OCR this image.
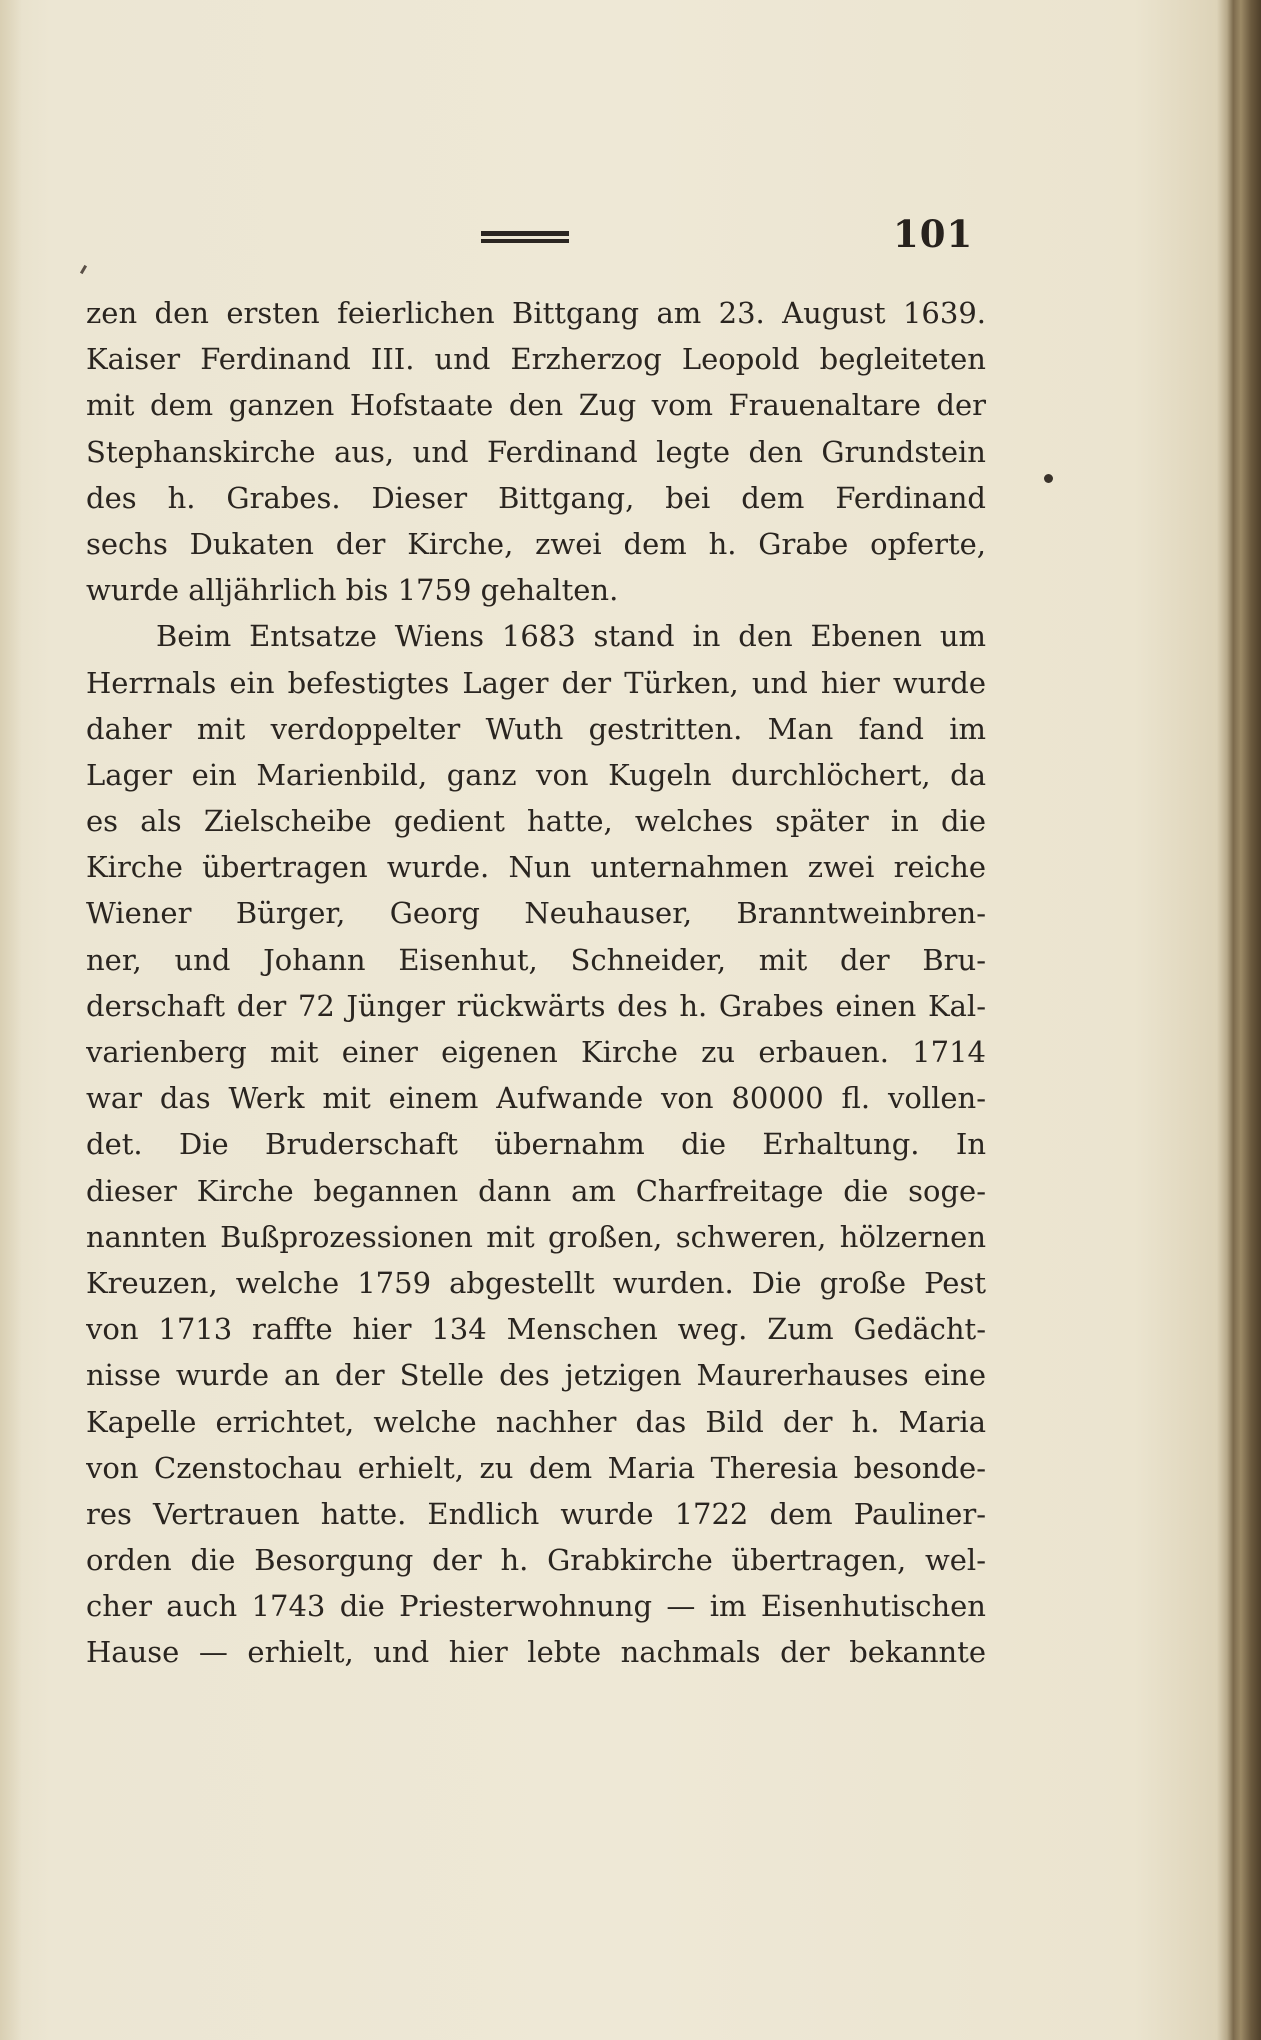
101
zen den ersten feierlichen Bittgang am 23. August 1639.
Kaiser Ferdinand III. und Erzherzog Leopold begleiteten
mit dem ganzen Hofstaate den Zug vom Frauenaltare der
Stephanskirche aus, und Ferdinand legte den Grundstein
des h. Grabes. Dieser Bittgang, bei dem Ferdinand
sechs Dukaten der Kirche, zwei dem h. Grabe opferte,
wurde alljährlich bis 1759 gehalten.
Beim Entsatze Wiens 1683 stand in den Ebenen um
Herrnals ein befestigtes Lager der Türken, und hier wurde
daher mit verdoppelter Wuth gestritten. Man fand im
Lager ein Marienbild, ganz von Kugeln durchlöchert, da
es als Zielscheibe gedient hatte, welches später in die
Kirche übertragen wurde. Nun unternahmen zwei reiche
Wiener Bürger, Georg Neuhauser, Branntweinbren-
ner, und Johann Eisenhut, Schneider, mit der Bru-
derschaft der 72 Jünger rückwärts des h. Grabes einen Kal-
varienberg mit einer eigenen Kirche zu erbauen. 1714
war das Werk mit einem Aufwande von 80000 fl. vollen-
det. Die Bruderschaft übernahm die Erhaltung. In
dieser Kirche begannen dann am Charfreitage die soge-
nannten Bußprozessionen mit großen, schweren, hölzernen
Kreuzen, welche 1759 abgestellt wurden. Die große Pest
von 1713 raffte hier 134 Menschen weg. Zum Gedächt-
nisse wurde an der Stelle des jetzigen Maurerhauses eine
Kapelle errichtet, welche nachher das Bild der h. Maria
von Czenstochau erhielt, zu dem Maria Theresia besonde-
res Vertrauen hatte. Endlich wurde 1722 dem Pauliner-
orden die Besorgung der h. Grabkirche übertragen, wel-
cher auch 1743 die Priesterwohnung — im Eisenhutischen
Hause — erhielt, und hier lebte nachmals der bekannte
